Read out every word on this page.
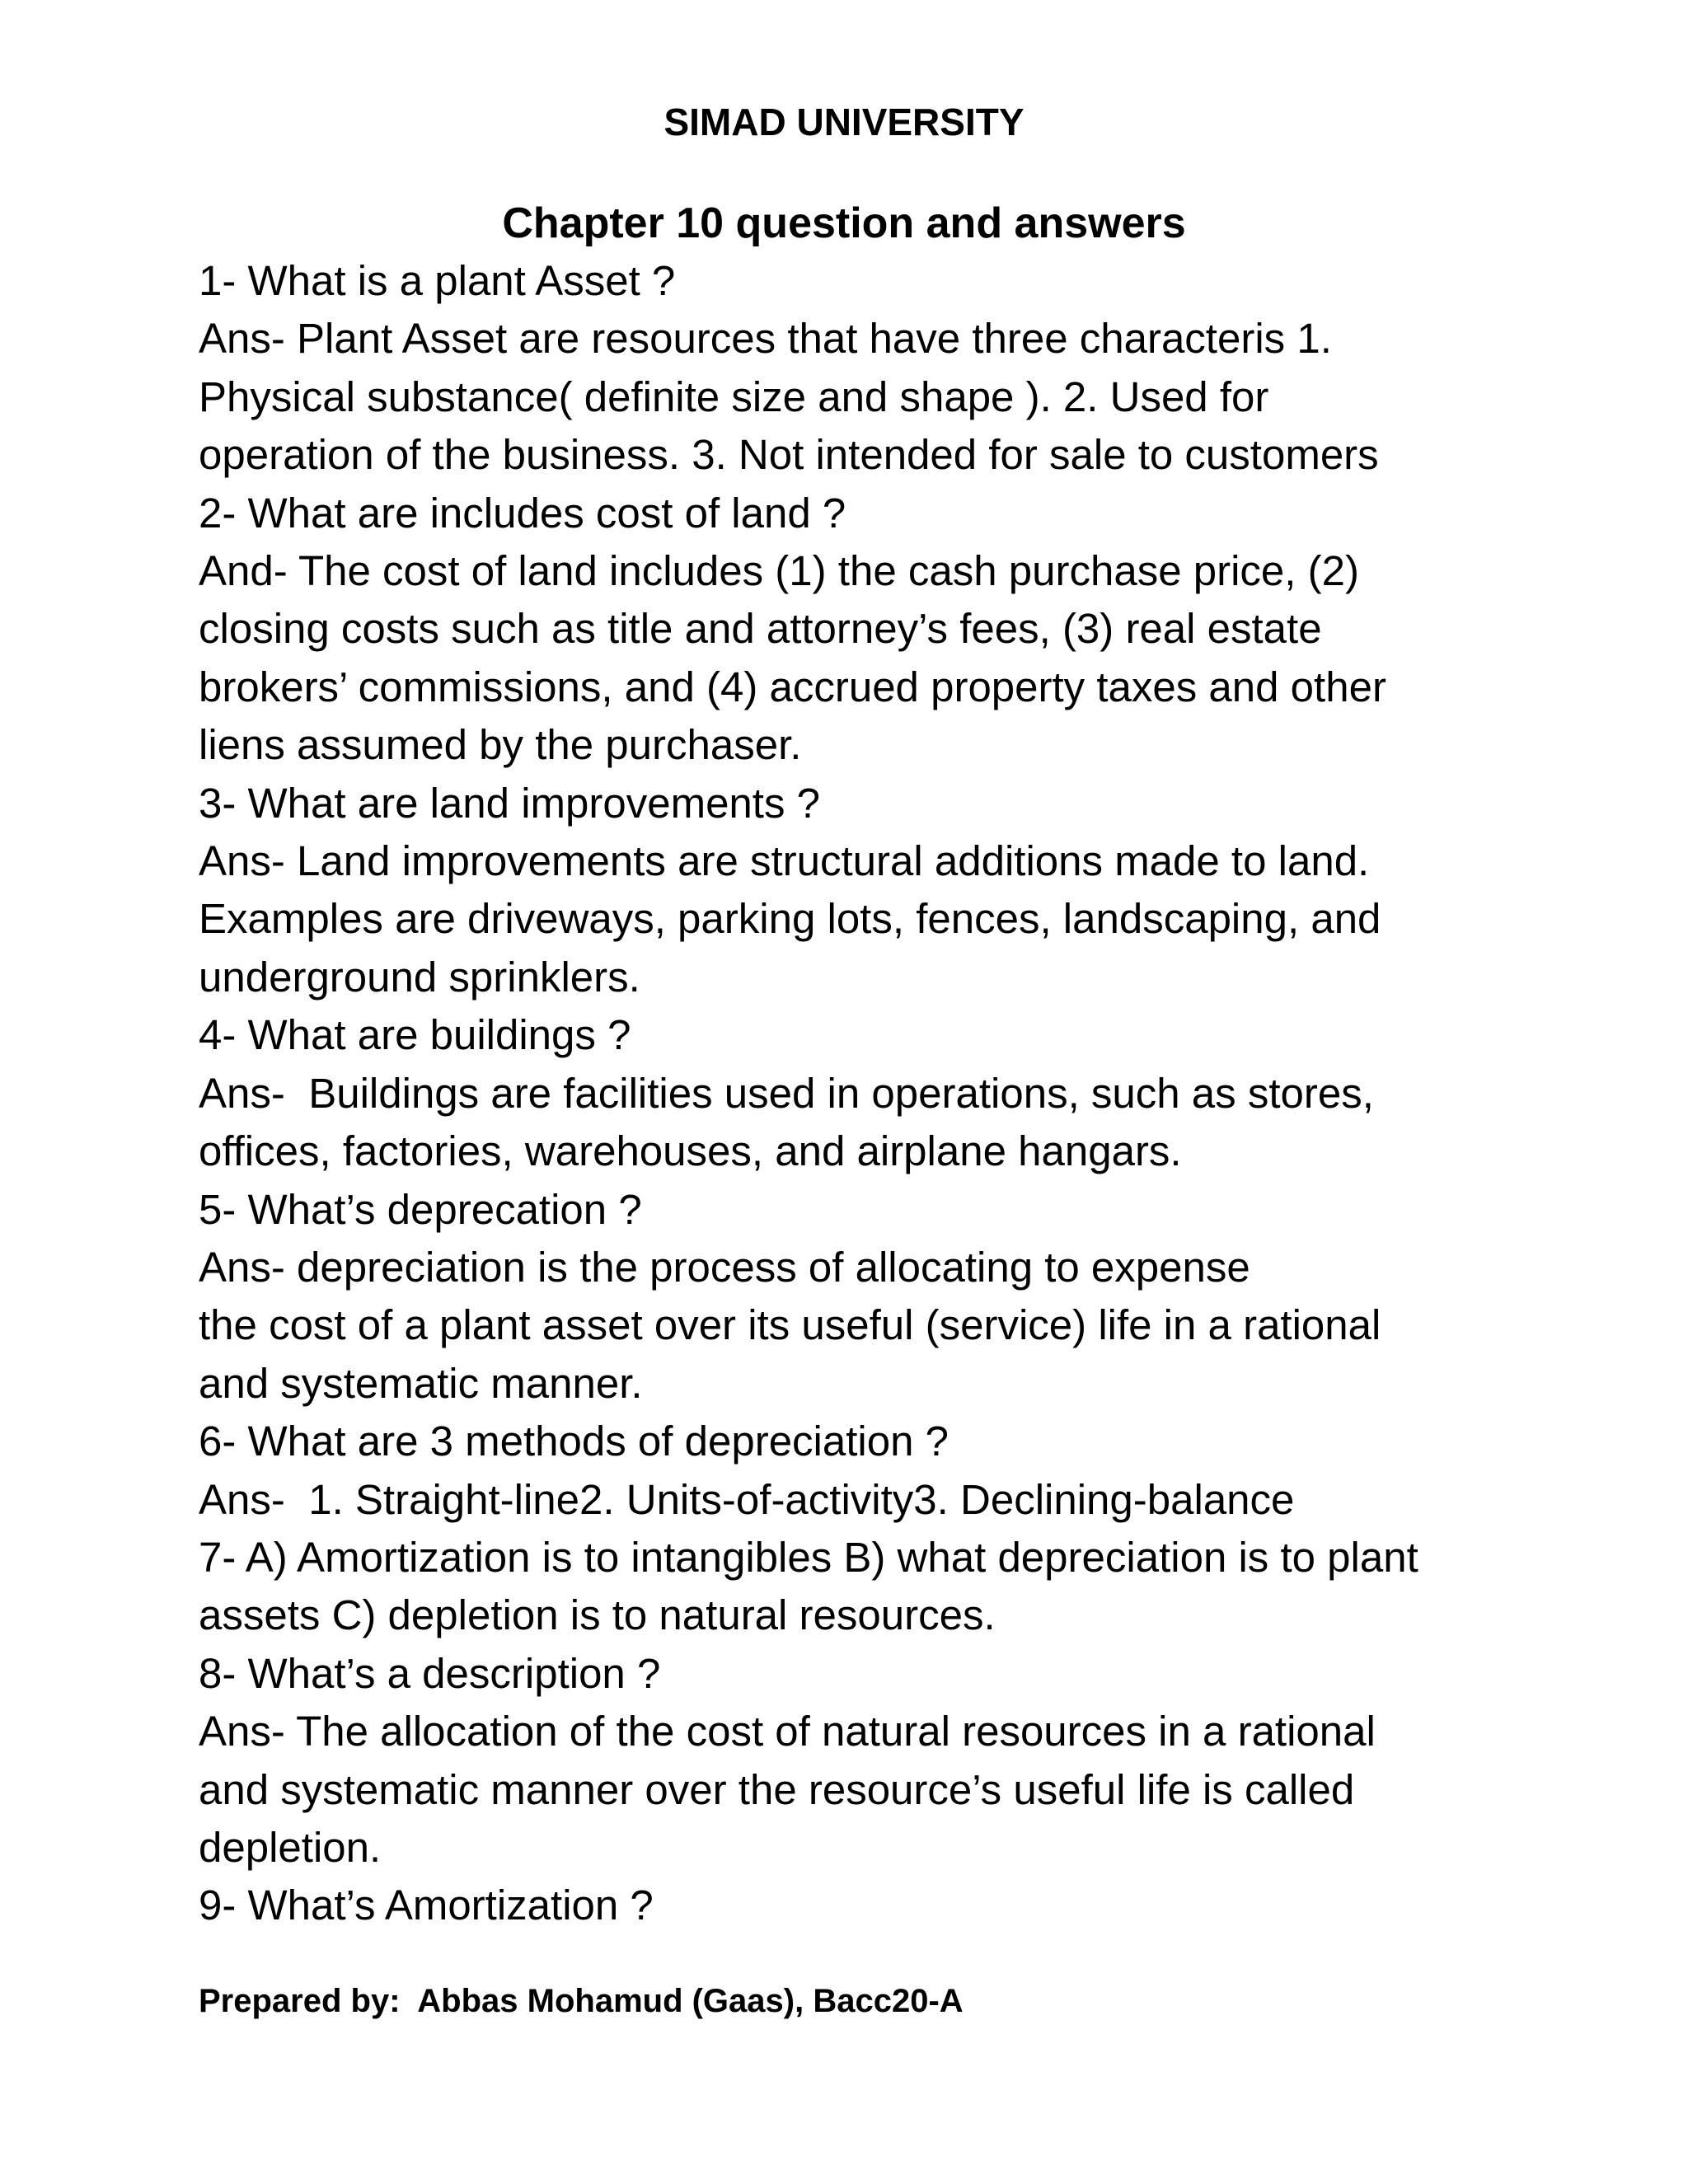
SIMAD UNIVERSITY
Chapter 10 question and answers
1- What is a plant Asset ?
Ans- Plant Asset are resources that have three characteris 1.
Physical substance( definite size and shape ). 2. Used for
operation of the business. 3. Not intended for sale to customers
2- What are includes cost of land ?
And- The cost of land includes (1) the cash purchase price, (2)
closing costs such as title and attorney’s fees, (3) real estate
brokers’ commissions, and (4) accrued property taxes and other
liens assumed by the purchaser.
3- What are land improvements ?
Ans- Land improvements are structural additions made to land.
Examples are driveways, parking lots, fences, landscaping, and
underground sprinklers.
4- What are buildings ?
Ans-  Buildings are facilities used in operations, such as stores,
offices, factories, warehouses, and airplane hangars.
5- What’s deprecation ?
Ans- depreciation is the process of allocating to expense
the cost of a plant asset over its useful (service) life in a rational
and systematic manner.
6- What are 3 methods of depreciation ?
Ans-  1. Straight-line2. Units-of-activity3. Declining-balance
7- A) Amortization is to intangibles B) what depreciation is to plant
assets C) depletion is to natural resources.
8- What’s a description ?
Ans- The allocation of the cost of natural resources in a rational
and systematic manner over the resource’s useful life is called
depletion.
9- What’s Amortization ?
Prepared by:  Abbas Mohamud (Gaas), Bacc20-A
